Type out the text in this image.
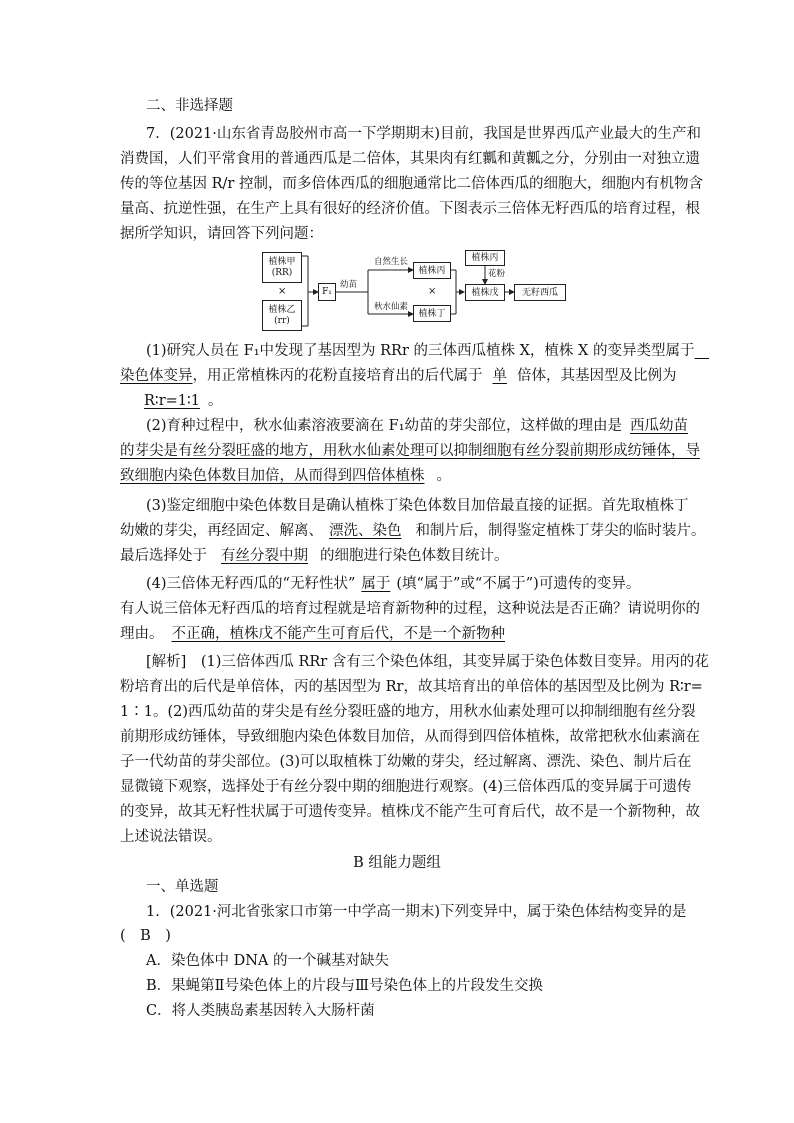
二、非选择题
7．(2021·山东省青岛胶州市高一下学期期末)目前，我国是世界西瓜产业最大的生产和
消费国，人们平常食用的普通西瓜是二倍体，其果肉有红瓤和黄瓤之分，分别由一对独立遗
传的等位基因 R/r 控制，而多倍体西瓜的细胞通常比二倍体西瓜的细胞大，细胞内有机物含
量高、抗逆性强，在生产上具有很好的经济价值。下图表示三倍体无籽西瓜的培育过程，根
据所学知识，请回答下列问题：
植株甲
(RR)
×
植株乙
(rr)
F₁
幼苗
自然生长
秋水仙素
植株丙
×
植株丁
植株丙
花粉
植株戊	无籽西瓜
(1)研究人员在 F₁中发现了基因型为 RRr 的三体西瓜植株 X，植株 X 的变异类型属于__
染色体变异，用正常植株丙的花粉直接培育出的后代属于 单 倍体，其基因型及比例为
R∶r=1∶1 。
(2)育种过程中，秋水仙素溶液要滴在 F₁幼苗的芽尖部位，这样做的理由是 西瓜幼苗
的芽尖是有丝分裂旺盛的地方，用秋水仙素处理可以抑制细胞有丝分裂前期形成纺锤体，导
致细胞内染色体数目加倍，从而得到四倍体植株 。
(3)鉴定细胞中染色体数目是确认植株丁染色体数目加倍最直接的证据。首先取植株丁
幼嫩的芽尖，再经固定、解离、 漂洗、染色 和制片后，制得鉴定植株丁芽尖的临时装片。
最后选择处于 有丝分裂中期 的细胞进行染色体数目统计。
(4)三倍体无籽西瓜的“无籽性状” 属于 (填“属于”或“不属于”)可遗传的变异。
有人说三倍体无籽西瓜的培育过程就是培育新物种的过程，这种说法是否正确？请说明你的
理由。 不正确，植株戊不能产生可育后代，不是一个新物种
[解析]　(1)三倍体西瓜 RRr 含有三个染色体组，其变异属于染色体数目变异。用丙的花
粉培育出的后代是单倍体，丙的基因型为 Rr，故其培育出的单倍体的基因型及比例为 R∶r=
1∶1。(2)西瓜幼苗的芽尖是有丝分裂旺盛的地方，用秋水仙素处理可以抑制细胞有丝分裂
前期形成纺锤体，导致细胞内染色体数目加倍，从而得到四倍体植株，故常把秋水仙素滴在
子一代幼苗的芽尖部位。(3)可以取植株丁幼嫩的芽尖，经过解离、漂洗、染色、制片后在
显微镜下观察，选择处于有丝分裂中期的细胞进行观察。(4)三倍体西瓜的变异属于可遗传
的变异，故其无籽性状属于可遗传变异。植株戊不能产生可育后代，故不是一个新物种，故
上述说法错误。
B 组能力题组
一、单选题
1．(2021·河北省张家口市第一中学高一期末)下列变异中，属于染色体结构变异的是
(　B　)
A．染色体中 DNA 的一个碱基对缺失
B．果蝇第Ⅱ号染色体上的片段与Ⅲ号染色体上的片段发生交换
C．将人类胰岛素基因转入大肠杆菌
